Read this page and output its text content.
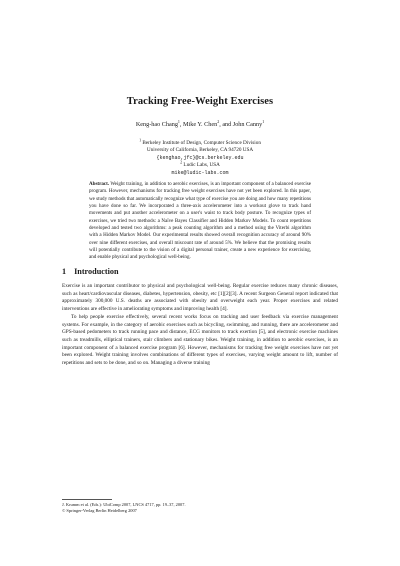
Tracking Free-Weight Exercises
Keng-hao Chang$^1$, Mike Y. Chen$^2$, and John Canny$^1$
$^1$ Berkeley Institute of Design, Computer Science Division
University of California, Berkeley, CA 94720 USA
{kenghao,jfc}@cs.berkeley.edu
$^2$ Ludic Labs, USA
mike@ludic-labs.com
Abstract. Weight training, in addition to aerobic exercises, is an important component of a balanced exercise program. However, mechanisms for tracking free weight exercises have not yet been explored. In this paper, we study methods that automatically recognize what type of exercise you are doing and how many repetitions you have done so far. We incorporated a three-axis accelerometer into a workout glove to track hand movements and put another accelerometer on a user's waist to track body posture. To recognize types of exercises, we tried two methods: a Naïve Bayes Classifier and Hidden Markov Models. To count repetitions developed and tested two algorithms: a peak counting algorithm and a method using the Viterbi algorithm with a Hidden Markov Model. Our experimental results showed overall recognition accuracy of around 90% over nine different exercises, and overall miscount rate of around 5%. We believe that the promising results will potentially contribute to the vision of a digital personal trainer, create a new experience for exercising, and enable physical and psychological well-being.
1 Introduction

Exercise is an important contributor to physical and psychological well-being. Regular exercise reduces many chronic diseases, such as heart/cardiovascular diseases, diabetes, hypertension, obesity, etc [1][2][3]. A recent Surgeon General report indicated that approximately 300,000 U.S. deaths are associated with obesity and overweight each year. Proper exercises and related interventions are effective in ameliorating symptoms and improving health [4].

To help people exercise effectively, several recent works focus on tracking and user feedback via exercise management systems. For example, in the category of aerobic exercises such as bicycling, swimming, and running, there are accelerometer and GPS-based pedometers to track running pace and distance, ECG monitors to track exertion [5], and electronic exercise machines such as treadmills, elliptical trainers, stair climbers and stationary bikes. Weight training, in addition to aerobic exercises, is an important component of a balanced exercise program [6]. However, mechanisms for tracking free weight exercises have not yet been explored. Weight training involves combinations of different types of exercises, varying weight amount to lift, number of repetitions and sets to be done, and so on. Managing a diverse training

J. Krumm et al. (Eds.): UbiComp 2007, LNCS 4717, pp. 19–37, 2007.
© Springer-Verlag Berlin Heidelberg 2007
